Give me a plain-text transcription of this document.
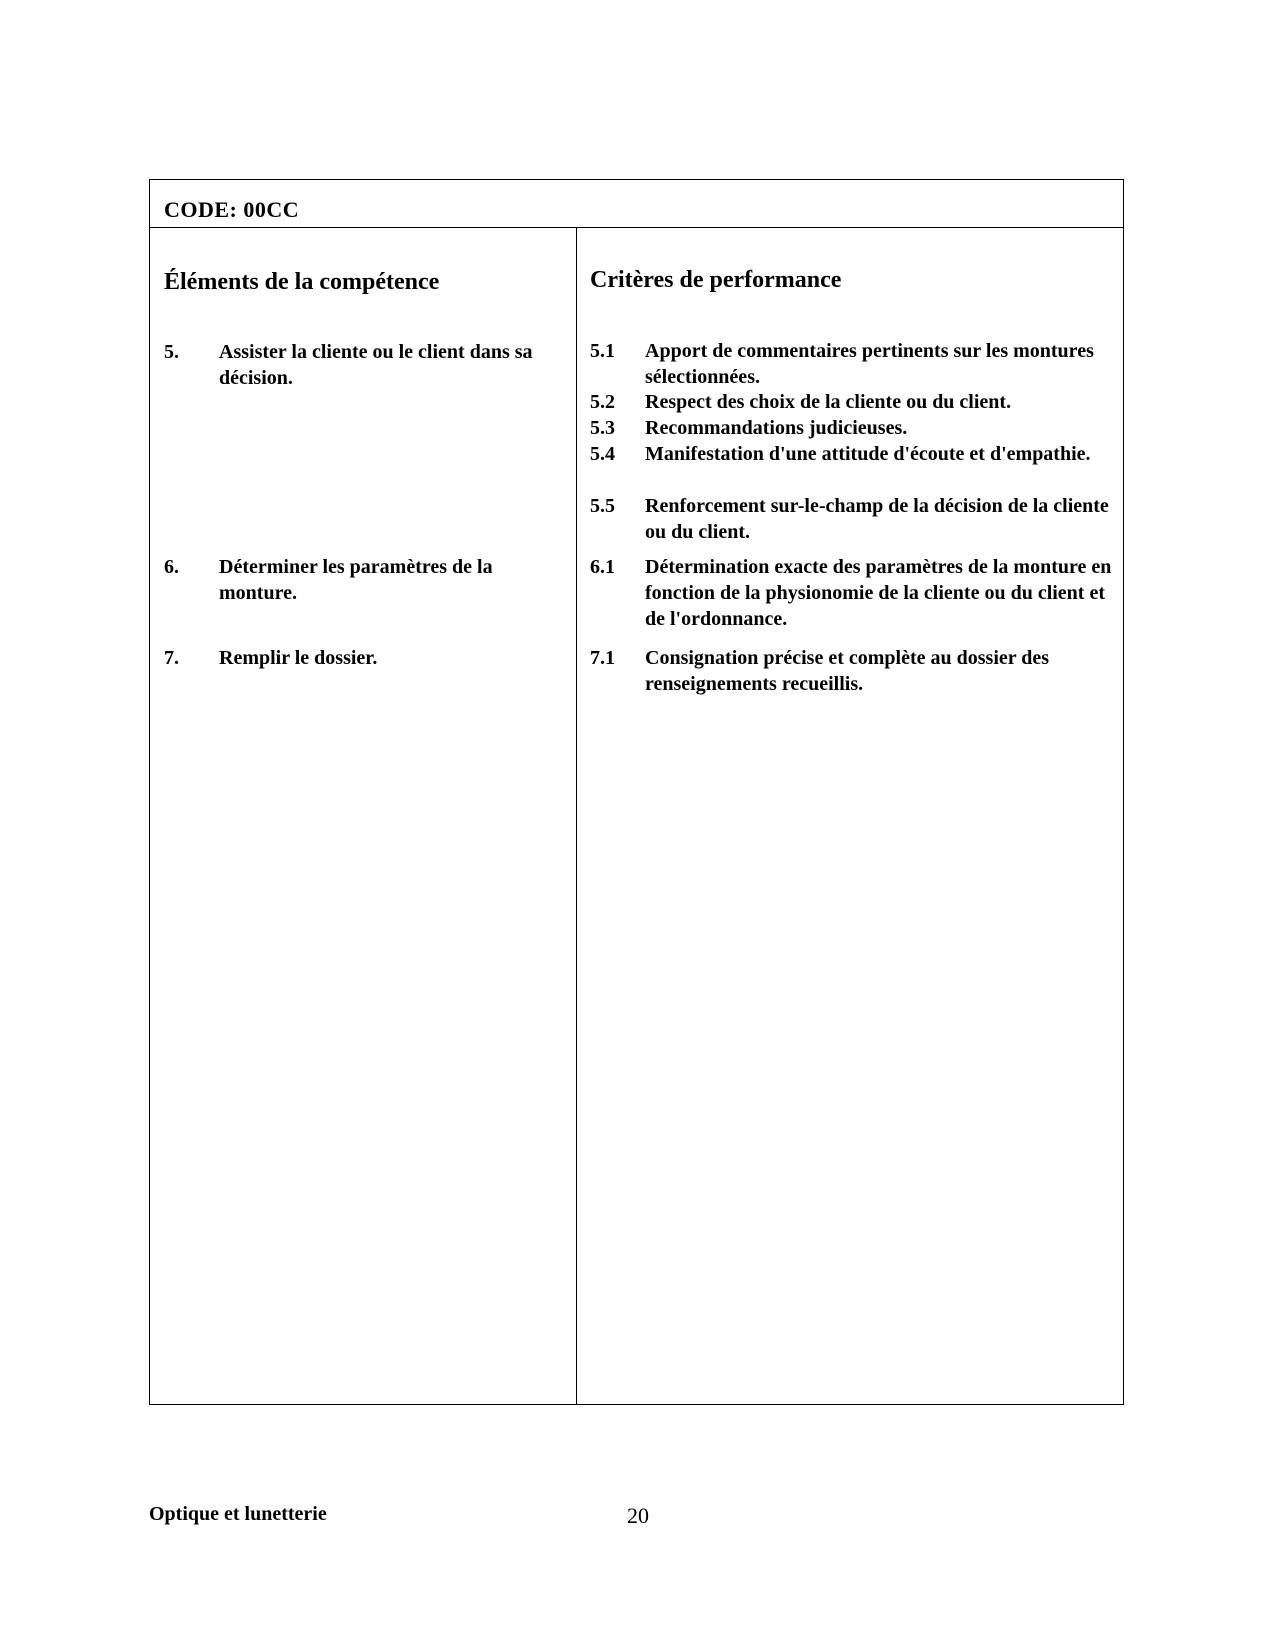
CODE: 00CC
Éléments de la compétence
5. Assister la cliente ou le client dans sa décision.
6. Déterminer les paramètres de la monture.
7. Remplir le dossier.
Critères de performance
5.1 Apport de commentaires pertinents sur les montures sélectionnées.
5.2 Respect des choix de la cliente ou du client.
5.3 Recommandations judicieuses.
5.4 Manifestation d'une attitude d'écoute et d'empathie.
5.5 Renforcement sur-le-champ de la décision de la cliente ou du client.
6.1 Détermination exacte des paramètres de la monture en fonction de la physionomie de la cliente ou du client et de l'ordonnance.
7.1 Consignation précise et complète au dossier des renseignements recueillis.
Optique et lunetterie	20
